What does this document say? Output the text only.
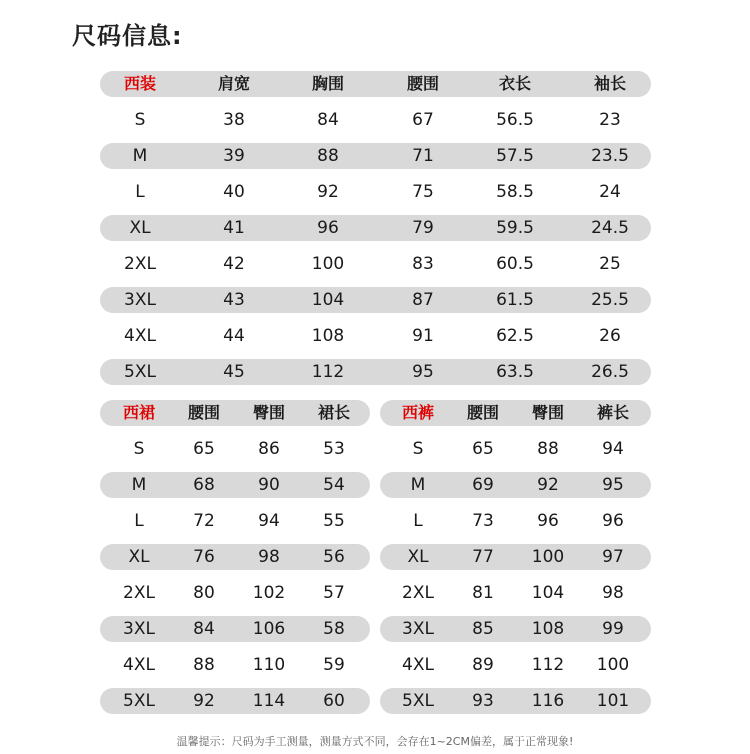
尺码信息:
西装	肩宽	胸围	腰围	衣长	袖长
S	38	84	67	56.5	23
M	39	88	71	57.5	23.5
L	40	92	75	58.5	24
XL	41	96	79	59.5	24.5
2XL	42	100	83	60.5	25
3XL	43	104	87	61.5	25.5
4XL	44	108	91	62.5	26
5XL	45	112	95	63.5	26.5
西裙 腰围 臀围 裙长
S	65	86	53
M	68	90	54
L	72	94	55
XL	76	98	56
2XL 80 102 57
3XL 84 106 58
4XL 88 110 59
5XL 92 114 60
西裤 腰围 臀围 裤长
S	65	88	94
M	69	92	95
L	73	96	96
XL	77 100 97
2XL 81 104 98
3XL 85 108 99
4XL 89 112 100
5XL 93 116 101
温馨提示：尺码为手工测量，测量方式不同，会存在1~2CM偏差，属于正常现象!
